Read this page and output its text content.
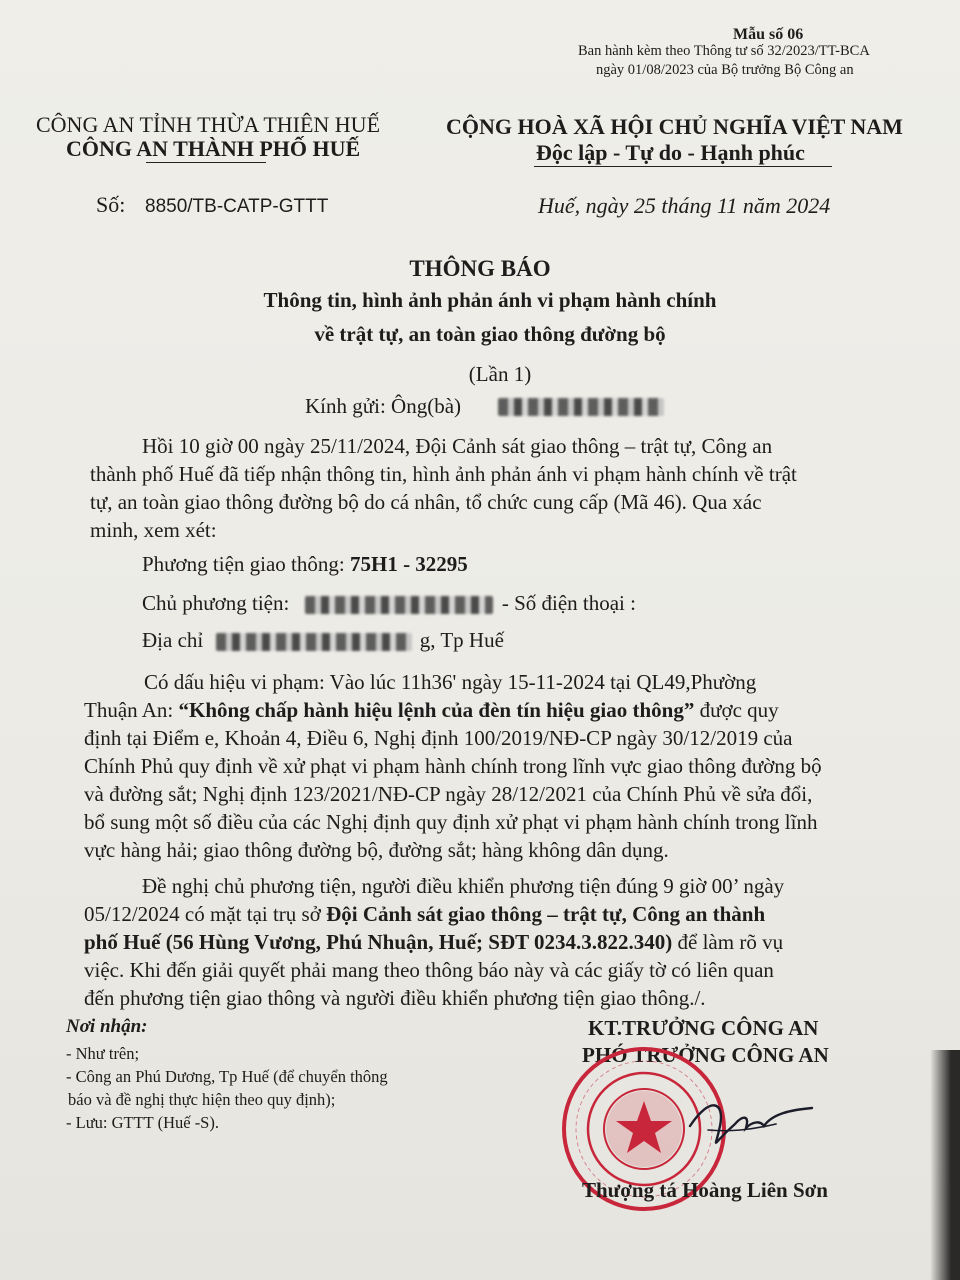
Mẫu số 06
Ban hành kèm theo Thông tư số 32/2023/TT-BCA
ngày 01/08/2023 của Bộ trưởng Bộ Công an
CÔNG AN TỈNH THỪA THIÊN HUẾ
CÔNG AN THÀNH PHỐ HUẾ
Số: 8850/TB-CATP-GTTT
CỘNG HOÀ XÃ HỘI CHỦ NGHĨA VIỆT NAM
Độc lập - Tự do - Hạnh phúc
Huế, ngày 25 tháng 11 năm 2024
THÔNG BÁO
Thông tin, hình ảnh phản ánh vi phạm hành chính
về trật tự, an toàn giao thông đường bộ
(Lần 1)
Kính gửi: Ông(bà)
Hồi 10 giờ 00 ngày 25/11/2024, Đội Cảnh sát giao thông – trật tự, Công an
thành phố Huế đã tiếp nhận thông tin, hình ảnh phản ánh vi phạm hành chính về trật
tự, an toàn giao thông đường bộ do cá nhân, tổ chức cung cấp (Mã 46). Qua xác
minh, xem xét:
Phương tiện giao thông: 75H1 - 32295
Chủ phương tiện:	- Số điện thoại :
Địa chỉ	g, Tp Huế
Có dấu hiệu vi phạm: Vào lúc 11h36' ngày 15-11-2024 tại QL49,Phường
Thuận An: “Không chấp hành hiệu lệnh của đèn tín hiệu giao thông” được quy
định tại Điểm e, Khoản 4, Điều 6, Nghị định 100/2019/NĐ-CP ngày 30/12/2019 của
Chính Phủ quy định về xử phạt vi phạm hành chính trong lĩnh vực giao thông đường bộ
và đường sắt; Nghị định 123/2021/NĐ-CP ngày 28/12/2021 của Chính Phủ về sửa đổi,
bổ sung một số điều của các Nghị định quy định xử phạt vi phạm hành chính trong lĩnh
vực hàng hải; giao thông đường bộ, đường sắt; hàng không dân dụng.
Đề nghị chủ phương tiện, người điều khiển phương tiện đúng 9 giờ 00’ ngày
05/12/2024 có mặt tại trụ sở Đội Cảnh sát giao thông – trật tự, Công an thành
phố Huế (56 Hùng Vương, Phú Nhuận, Huế; SĐT 0234.3.822.340) để làm rõ vụ
việc. Khi đến giải quyết phải mang theo thông báo này và các giấy tờ có liên quan
đến phương tiện giao thông và người điều khiển phương tiện giao thông./.
Nơi nhận:
- Như trên;
- Công an Phú Dương, Tp Huế (để chuyển thông
báo và đề nghị thực hiện theo quy định);
- Lưu: GTTT (Huế -S).
KT.TRƯỞNG CÔNG AN
PHÓ TRƯỞNG CÔNG AN
Thượng tá Hoàng Liên Sơn
